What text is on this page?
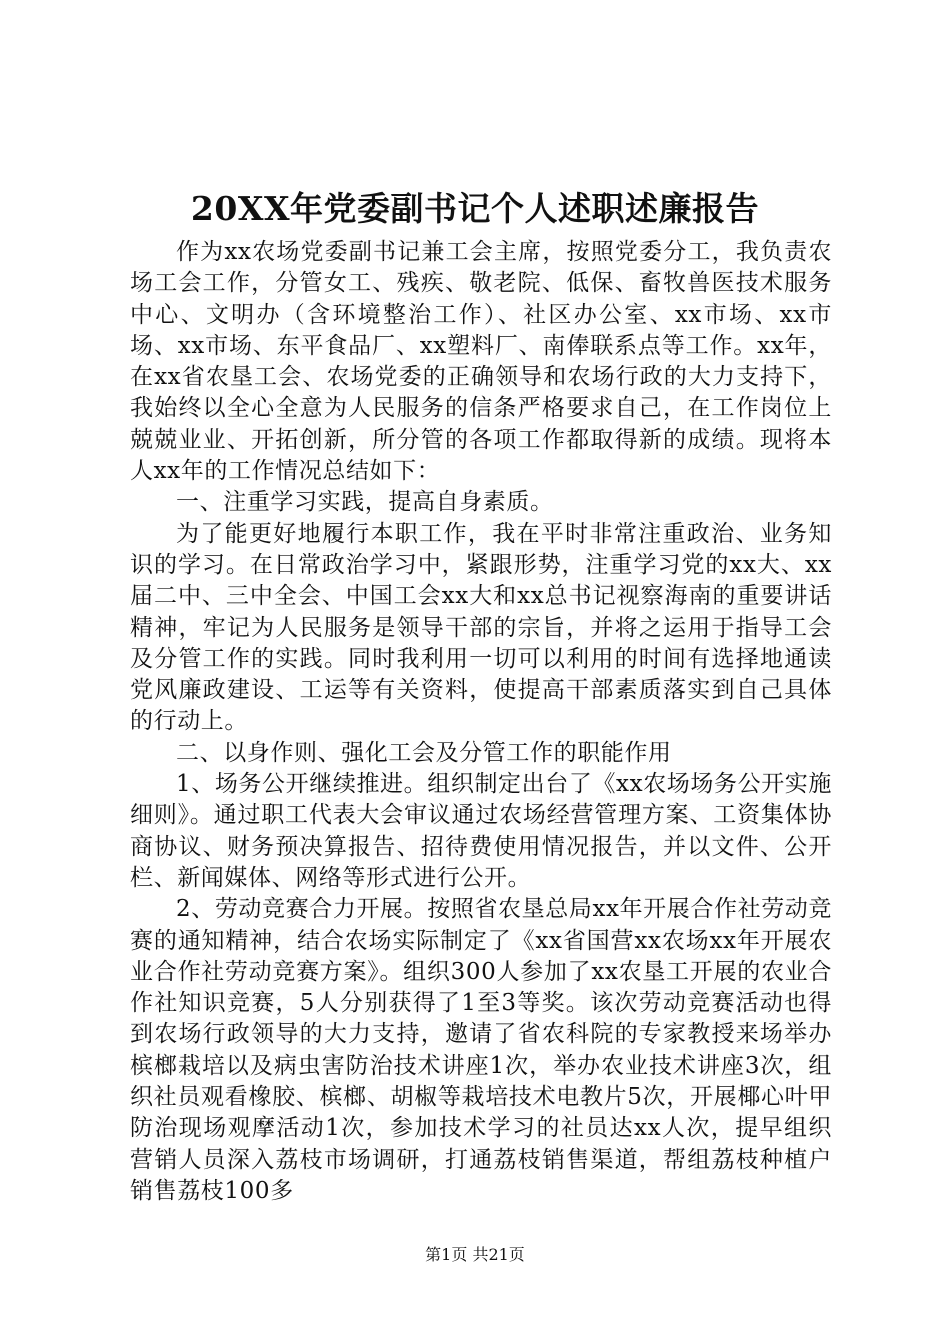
20XX年党委副书记个人述职述廉报告

作为xx农场党委副书记兼工会主席，按照党委分工，我负责农场工会工作，分管女工、残疾、敬老院、低保、畜牧兽医技术服务中心、文明办（含环境整治工作）、社区办公室、xx市场、xx市场、xx市场、东平食品厂、xx塑料厂、南俸联系点等工作。xx年，在xx省农垦工会、农场党委的正确领导和农场行政的大力支持下，我始终以全心全意为人民服务的信条严格要求自己，在工作岗位上兢兢业业、开拓创新，所分管的各项工作都取得新的成绩。现将本人xx年的工作情况总结如下：

一、注重学习实践，提高自身素质。

为了能更好地履行本职工作，我在平时非常注重政治、业务知识的学习。在日常政治学习中，紧跟形势，注重学习党的xx大、xx届二中、三中全会、中国工会xx大和xx总书记视察海南的重要讲话精神，牢记为人民服务是领导干部的宗旨，并将之运用于指导工会及分管工作的实践。同时我利用一切可以利用的时间有选择地通读党风廉政建设、工运等有关资料，使提高干部素质落实到自己具体的行动上。

二、以身作则、强化工会及分管工作的职能作用

1、场务公开继续推进。组织制定出台了《xx农场场务公开实施细则》。通过职工代表大会审议通过农场经营管理方案、工资集体协商协议、财务预决算报告、招待费使用情况报告，并以文件、公开栏、新闻媒体、网络等形式进行公开。

2、劳动竞赛合力开展。按照省农垦总局xx年开展合作社劳动竞赛的通知精神，结合农场实际制定了《xx省国营xx农场xx年开展农业合作社劳动竞赛方案》。组织300人参加了xx农垦工开展的农业合作社知识竞赛，5人分别获得了1至3等奖。该次劳动竞赛活动也得到农场行政领导的大力支持，邀请了省农科院的专家教授来场举办槟榔栽培以及病虫害防治技术讲座1次，举办农业技术讲座3次，组织社员观看橡胶、槟榔、胡椒等栽培技术电教片5次，开展椰心叶甲防治现场观摩活动1次，参加技术学习的社员达xx人次，提早组织营销人员深入荔枝市场调研，打通荔枝销售渠道，帮组荔枝种植户销售荔枝100多

第1页 共21页
